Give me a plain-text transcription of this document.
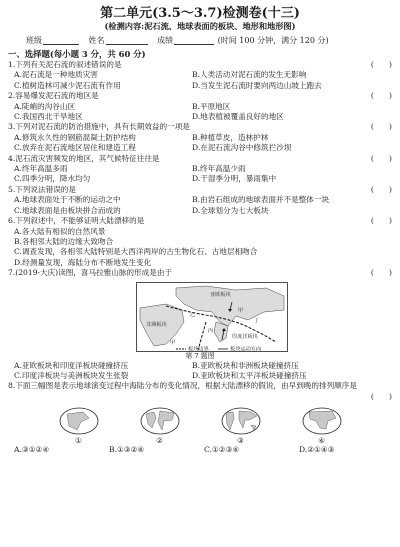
第二单元(3.5～3.7)检测卷(十三)
(检测内容:泥石流、地球表面的板块、地形和地形图)
班级	姓名	成绩	(时间 100 分钟，满分 120 分)
一、选择题(每小题 3 分，共 60 分)
1.下列有关泥石流的叙述错误的是	(　　)
A.泥石流是一种地质灾害	B.人类活动对泥石流的发生无影响
C.植树造林可减少泥石流有作用	D.当发生泥石流时要向两边山坡上跑去
2.容易爆发泥石流的地区是	(　　)
A.陡峭的沟谷山区	B.平原地区
C.我国西北干旱地区	D.地表植被覆盖良好的地区
3.下列对泥石流的防治措施中，具有长期效益的一项是	(　　)
A.修筑永久性的钢筋混凝土防护结构	B.种植草皮，造林护林
C.放弃在泥石流地区居住和建造工程	D.在泥石流沟谷中修筑拦沙坝
4.泥石流灾害频发的地区，其气候特征往往是	(　　)
A.终年高温多雨	B.终年高温少雨
C.四季分明，降水均匀	D.干湿季分明，暴雨集中
5.下列说法错误的是	(　　)
A.地球表面处于不断的运动之中	B.由岩石组成的地球表面并不是整体一块
C.地球表面是由板块拼合而成的	D.全球划分为七大板块
6.下列叙述中，不能够证明大陆漂移的是	(　　)
A.各大陆有相似的自然风景
B.各相邻大陆的边缘大致吻合
C.调查发现，各相邻大陆特别是大西洋两岸的古生物化石、古地层相吻合
D.经测量发现，海陆分布不断地发生变化
7.(2019·大庆)读图，喜马拉雅山脉的形成是由于	(　　)
亚欧板块
甲
丁
乙
非洲板块
印度洋板块
丙
甲
板块边界	板块运动方向
第 7 题图
A.亚欧板块和印度洋板块碰撞挤压	B.亚欧板块和非洲板块碰撞挤压
C.印度洋板块与美洲板块发生张裂	D.亚欧板块和太平洋板块碰撞挤压
8.下面三幅图是表示地球演变过程中海陆分布的变化情况，根据大陆漂移的假说，由早到晚的排列顺序是
(　　)
①	②	③	④
A.③①②④	B.①③②④	C.①②③④	D.②①④③
